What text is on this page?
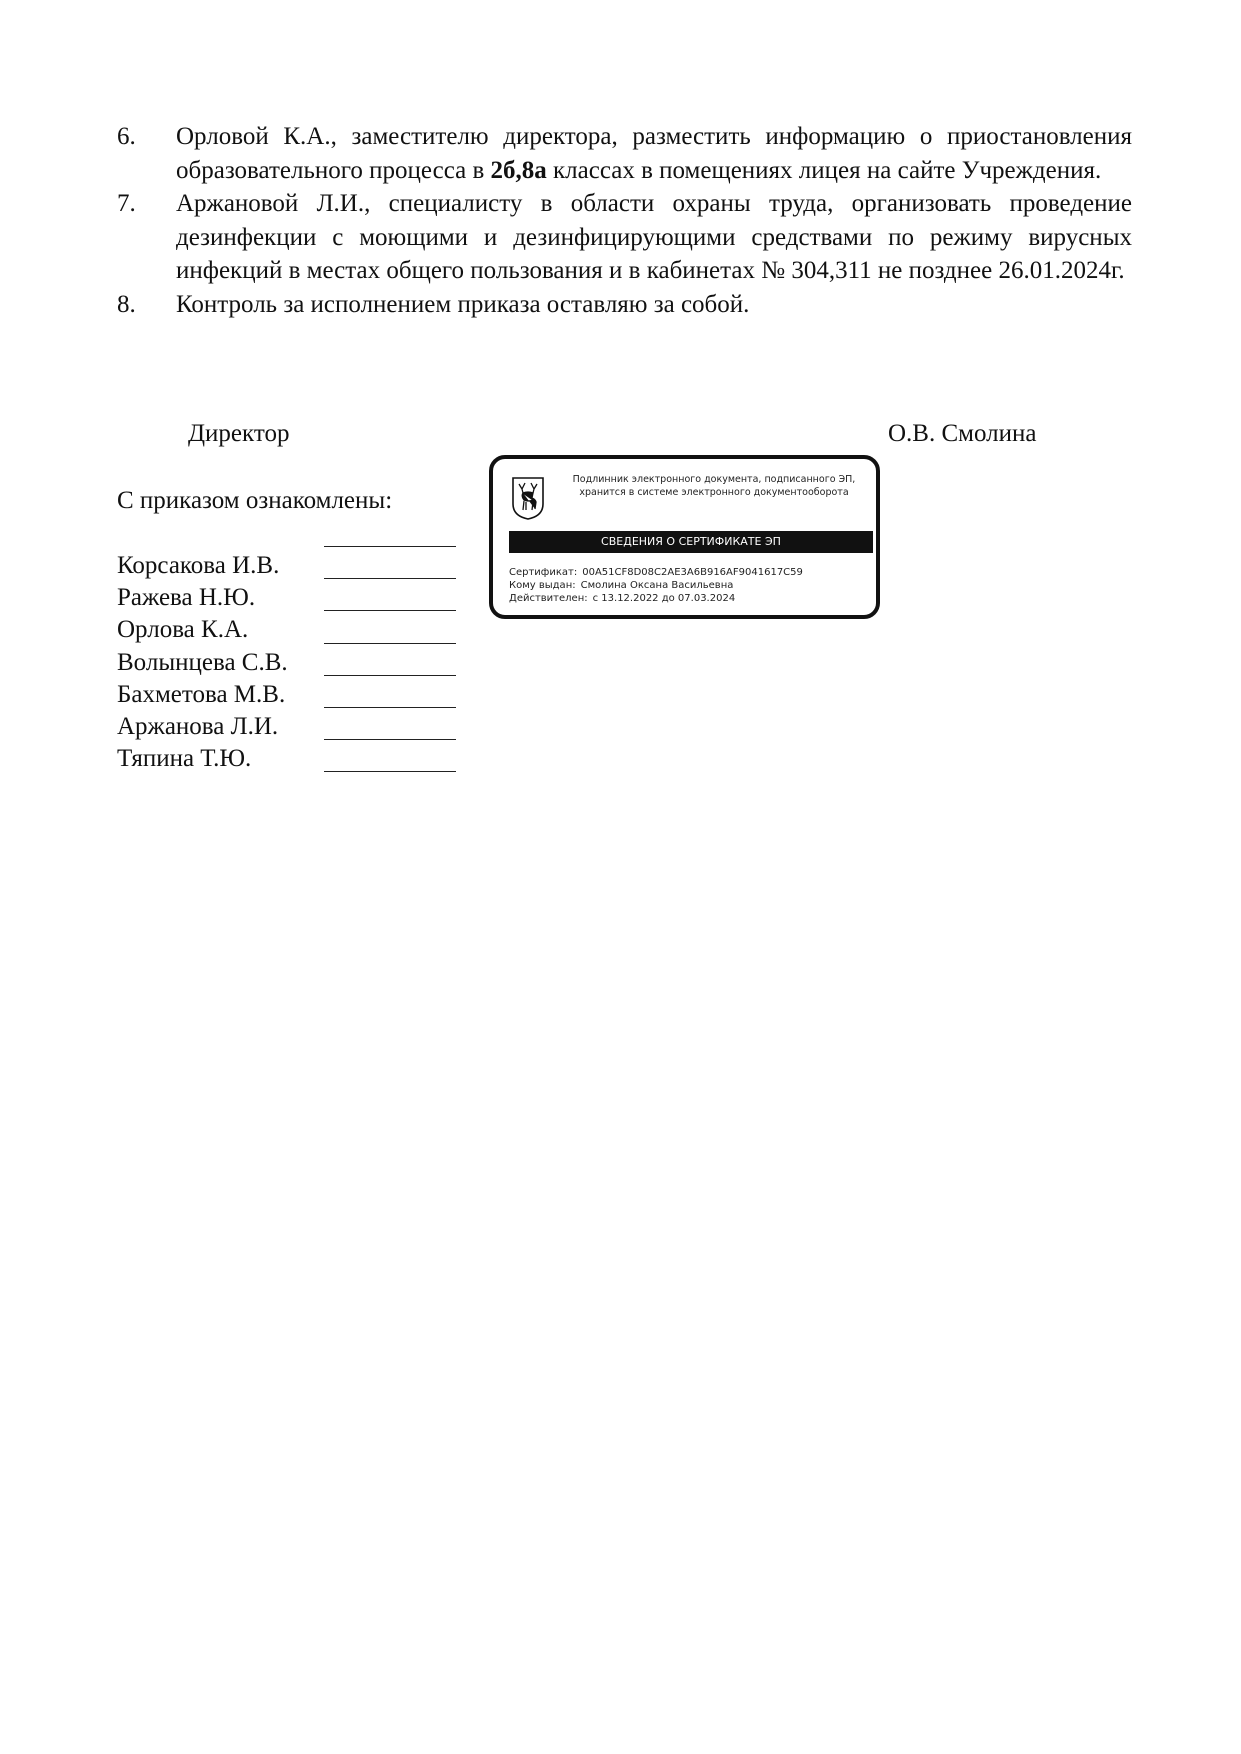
6.	Орловой К.А., заместителю директора, разместить информацию о приостановления образовательного процесса в 2б,8а классах в помещениях лицея на сайте Учреждения.
7.	Аржановой Л.И., специалисту в области охраны труда, организовать проведение дезинфекции с моющими и дезинфицирующими средствами по режиму вирусных инфекций в местах общего пользования и в кабинетах № 304,311 не позднее 26.01.2024г.
8.	Контроль за исполнением приказа оставляю за собой.
Директор	О.В. Смолина
С приказом ознакомлены:
Корсакова И.В.
Ражева Н.Ю.
Орлова К.А.
Волынцева С.В.
Бахметова М.В.
Аржанова Л.И.
Тяпина Т.Ю.
Подлинник электронного документа, подписанного ЭП,
хранится в системе электронного документооборота
СВЕДЕНИЯ О СЕРТИФИКАТЕ ЭП
Сертификат: 00A51CF8D08C2AE3A6B916AF9041617C59
Кому выдан: Смолина Оксана Васильевна
Действителен: с 13.12.2022 до 07.03.2024
